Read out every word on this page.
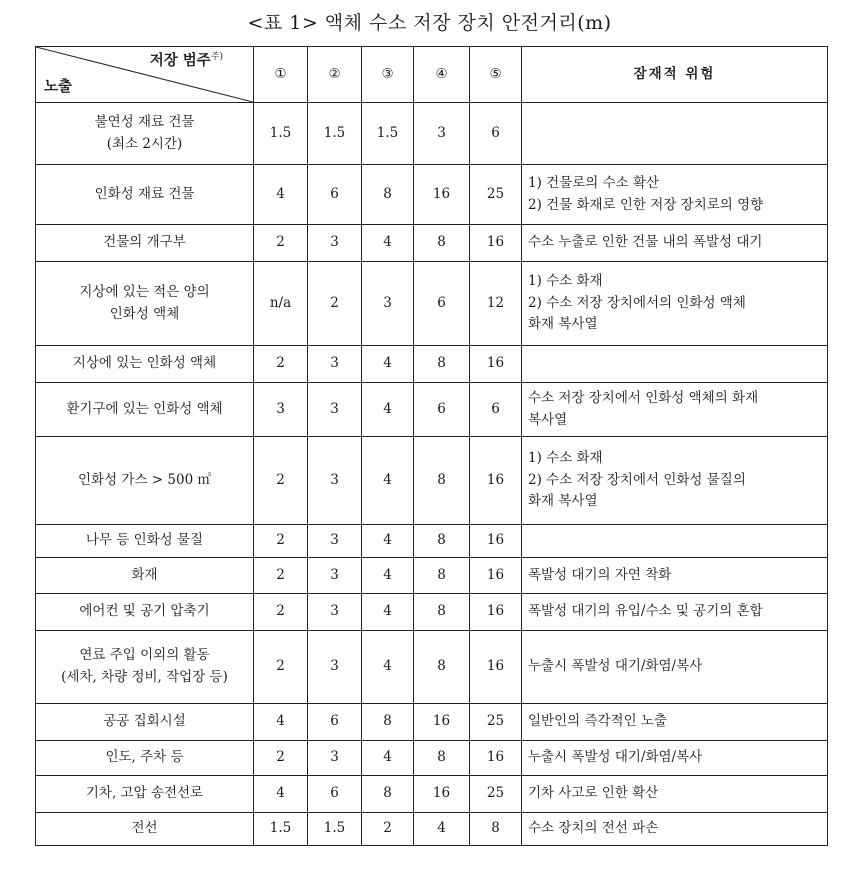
<표 1> 액체 수소 저장 장치 안전거리(m)
저장 범주$^{주)}$
노출	①	②	③	④	⑤	잠재적 위험

불연성 재료 건물
(최소 2시간)	1.5	1.5	1.5	3	6	

인화성 재료 건물	4	6	8	16	25	1) 건물로의 수소 확산
2) 건물 화재로 인한 저장 장치로의 영향

건물의 개구부	2	3	4	8	16	수소 누출로 인한 건물 내의 폭발성 대기

지상에 있는 적은 양의
인화성 액체	n/a	2	3	6	12	1) 수소 화재
2) 수소 저장 장치에서의 인화성 액체
화재 복사열

지상에 있는 인화성 액체	2	3	4	8	16	

환기구에 있는 인화성 액체	3	3	4	6	6	수소 저장 장치에서 인화성 액체의 화재
복사열

인화성 가스 > 500 ㎥	2	3	4	8	16	1) 수소 화재
2) 수소 저장 장치에서 인화성 물질의
화재 복사열

나무 등 인화성 물질	2	3	4	8	16	

화재	2	3	4	8	16	폭발성 대기의 자연 착화

에어컨 및 공기 압축기	2	3	4	8	16	폭발성 대기의 유입/수소 및 공기의 혼합

연료 주입 이외의 활동
(세차, 차량 정비, 작업장 등)	2	3	4	8	16	누출시 폭발성 대기/화염/복사

공공 집회시설	4	6	8	16	25	일반인의 즉각적인 노출

인도, 주차 등	2	3	4	8	16	누출시 폭발성 대기/화염/복사

기차, 고압 송전선로	4	6	8	16	25	기차 사고로 인한 확산

전선	1.5	1.5	2	4	8	수소 장치의 전선 파손
